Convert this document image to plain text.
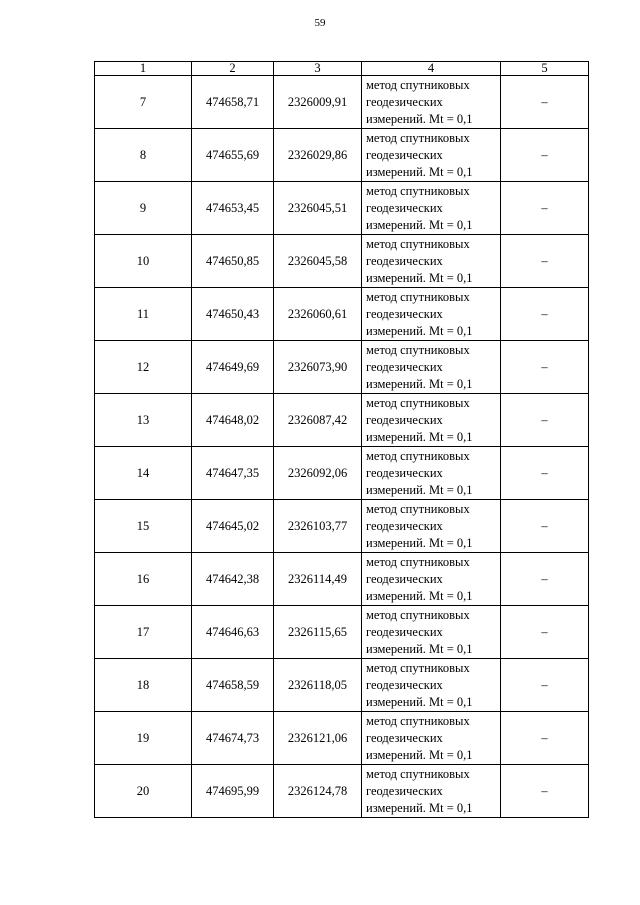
59
1	2	3	4	5
7	474658,71	2326009,91	метод спутниковых
геодезических
измерений. Mt = 0,1	–
8	474655,69	2326029,86	метод спутниковых
геодезических
измерений. Mt = 0,1	–
9	474653,45	2326045,51	метод спутниковых
геодезических
измерений. Mt = 0,1	–
10	474650,85	2326045,58	метод спутниковых
геодезических
измерений. Mt = 0,1	–
11	474650,43	2326060,61	метод спутниковых
геодезических
измерений. Mt = 0,1	–
12	474649,69	2326073,90	метод спутниковых
геодезических
измерений. Mt = 0,1	–
13	474648,02	2326087,42	метод спутниковых
геодезических
измерений. Mt = 0,1	–
14	474647,35	2326092,06	метод спутниковых
геодезических
измерений. Mt = 0,1	–
15	474645,02	2326103,77	метод спутниковых
геодезических
измерений. Mt = 0,1	–
16	474642,38	2326114,49	метод спутниковых
геодезических
измерений. Mt = 0,1	–
17	474646,63	2326115,65	метод спутниковых
геодезических
измерений. Mt = 0,1	–
18	474658,59	2326118,05	метод спутниковых
геодезических
измерений. Mt = 0,1	–
19	474674,73	2326121,06	метод спутниковых
геодезических
измерений. Mt = 0,1	–
20	474695,99	2326124,78	метод спутниковых
геодезических
измерений. Mt = 0,1	–
